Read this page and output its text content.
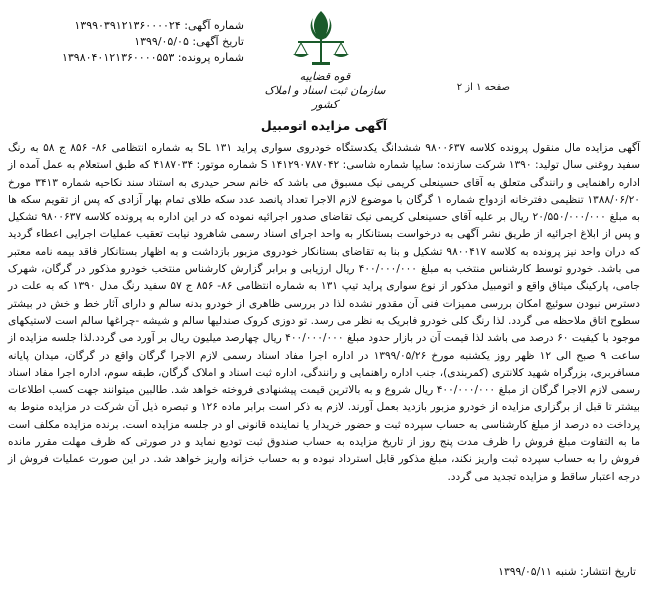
شماره آگهی: ۱۳۹۹۰۳۹۱۲۱۳۶۰۰۰۰۲۴
تاریخ آگهی: ۱۳۹۹/۰۵/۰۵
شماره پرونده: ۱۳۹۸۰۴۰۱۲۱۳۶۰۰۰۰۵۵۳
قوه قضاییه
سازمان ثبت اسناد و املاک کشور
صفحه ۱ از ۲
آگهی مزایده اتومبیل

آگهی مزایده مال منقول پرونده کلاسه ۹۸۰۰۶۳۷ ششدانگ یکدستگاه خودروی سواری پراید ۱۳۱ SL به شماره انتظامی ۸۶- ۸۵۶ ج ۵۸ به رنگ سفید روغنی سال تولید: ۱۳۹۰ شرکت سازنده: سایپا شماره شاسی: S ۱۴۱۲۹۰۷۸۷۰۴۲ شماره موتور: ۴۱۸۷۰۳۴ که طبق استعلام به عمل آمده از اداره راهنمایی و رانندگی متعلق به آقای حسینعلی کریمی نیک مسبوق می باشد که خانم سحر حیدری به استناد سند نکاحیه شماره ۳۴۱۳ مورخ ۱۳۸۸/۰۶/۲۰ تنظیمی دفترخانه ازدواج شماره ۱ گرگان با موضوع لازم الاجرا تعداد پانصد عدد سکه طلای تمام بهار آزادی که پس از تقویم سکه ها به مبلغ ۲۰/۵۵۰/۰۰۰/۰۰۰ ریال بر علیه آقای حسینعلی کریمی نیک تقاضای صدور اجرائیه نموده که در این اداره به پرونده کلاسه ۹۸۰۰۶۳۷ تشکیل و پس از ابلاغ اجرائیه از طریق نشر آگهی به درخواست بستانکار به واحد اجرای اسناد رسمی شاهرود نیابت تعقیب عملیات اجرایی اعطاء گردید که دران واحد نیز پرونده به کلاسه ۹۸۰۰۴۱۷ تشکیل و بنا به تقاضای بستانکار خودروی مزبور بازداشت و به اظهار بستانکار فاقد بیمه نامه معتبر می باشد. خودرو توسط کارشناس منتخب به مبلغ ۴۰۰/۰۰۰/۰۰۰ ریال ارزیابی و برابر گزارش کارشناس منتخب خودرو مذکور در گرگان، شهرک جامی، پارکینگ میثاق واقع و اتومبیل مذکور از نوع سواری پراید تیپ ۱۳۱ به شماره انتظامی ۸۶- ۸۵۶ ج ۵۷ سفید رنگ مدل ۱۳۹۰ که به علت در دسترس نبودن سوئیچ امکان بررسی ممیزات فنی آن مقدور نشده لذا در بررسی ظاهری از خودرو بدنه سالم و دارای آثار خط و خش در بیشتر سطوح اتاق ملاحظه می گردد. لذا رنگ کلی خودرو فابریک به نظر می رسد. تو دوزی کروک صندلیها سالم و شیشه -چراغها سالم است لاستیکهای موجود با کیفیت ۶۰ درصد می باشد لذا قیمت آن در بازار حدود مبلغ ۴۰۰/۰۰۰/۰۰۰ ریال چهارصد میلیون ریال بر آورد می گردد.لذا جلسه مزایده از ساعت ۹ صبح الی ۱۲ ظهر روز یکشنبه مورخ ۱۳۹۹/۰۵/۲۶ در اداره اجرا مفاد اسناد رسمی لازم الاجرا گرگان واقع در گرگان، میدان پایانه مسافربری، بزرگراه شهید کلانتری (کمربندی)، جنب اداره راهنمایی و رانندگی، اداره ثبت اسناد و املاک گرگان، طبقه سوم، اداره اجرا مفاد اسناد رسمی لازم الاجرا گرگان از مبلغ ۴۰۰/۰۰۰/۰۰۰ ریال شروع و به بالاترین قیمت پیشنهادی فروخته خواهد شد. طالبین میتوانند جهت کسب اطلاعات بیشتر تا قبل از برگزاری مزایده از خودرو مزبور بازدید بعمل آورند. لازم به ذکر است برابر ماده ۱۲۶ و تبصره ذیل آن شرکت در مزایده منوط به پرداخت ده درصد از مبلغ کارشناسی به حساب سپرده ثبت و حضور خریدار یا نماینده قانونی او در جلسه مزایده است. برنده مزایده مکلف است ما به التفاوت مبلغ فروش را ظرف مدت پنج روز از تاریخ مزایده به حساب صندوق ثبت تودیع نماید و در صورتی که ظرف مهلت مقرر مانده فروش را به حساب سپرده ثبت واریز نکند، مبلغ مذکور قابل استرداد نبوده و به حساب خزانه واریز خواهد شد. در این صورت عملیات فروش از درجه اعتبار ساقط و مزایده تجدید می گردد.

تاریخ انتشار: شنبه ۱۳۹۹/۰۵/۱۱
